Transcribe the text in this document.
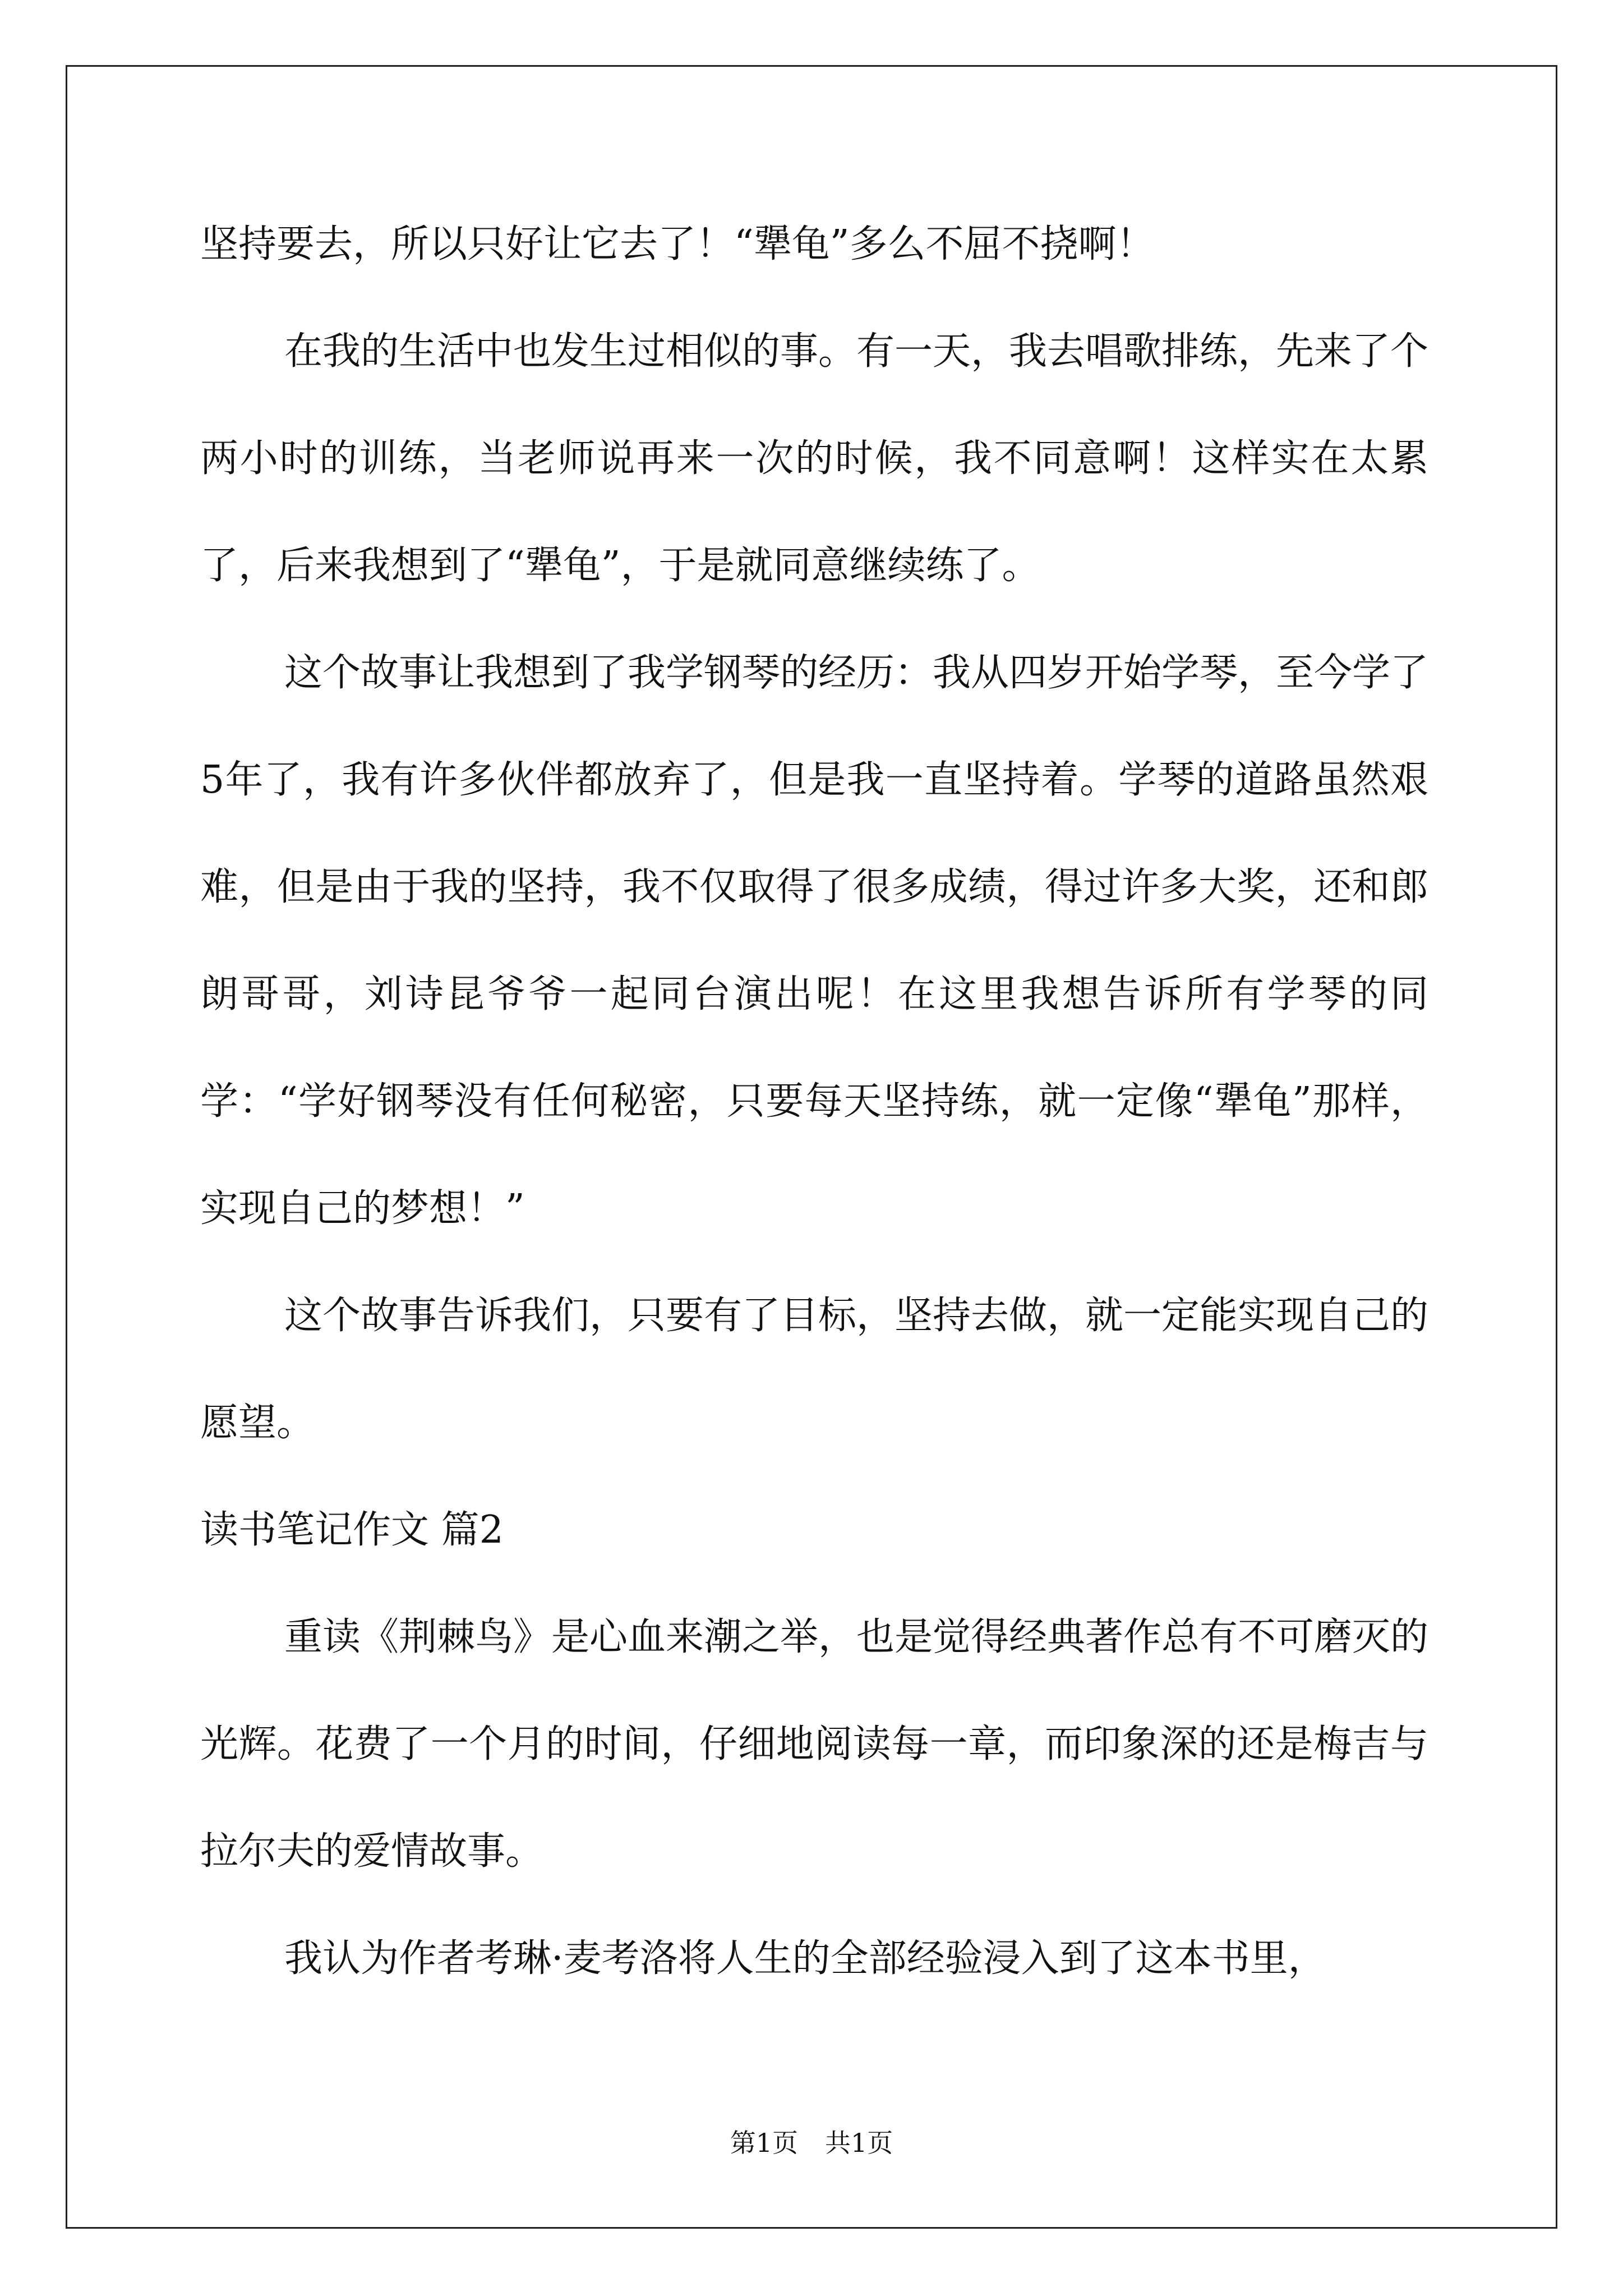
坚持要去，所以只好让它去了！“犟龟”多么不屈不挠啊！

在我的生活中也发生过相似的事。有一天，我去唱歌排练，先来了个两小时的训练，当老师说再来一次的时候，我不同意啊！这样实在太累了，后来我想到了“犟龟”，于是就同意继续练了。

这个故事让我想到了我学钢琴的经历：我从四岁开始学琴，至今学了5年了，我有许多伙伴都放弃了，但是我一直坚持着。学琴的道路虽然艰难，但是由于我的坚持，我不仅取得了很多成绩，得过许多大奖，还和郎朗哥哥，刘诗昆爷爷一起同台演出呢！在这里我想告诉所有学琴的同学：“学好钢琴没有任何秘密，只要每天坚持练，就一定像“犟龟”那样，实现自己的梦想！”

这个故事告诉我们，只要有了目标，坚持去做，就一定能实现自己的愿望。

读书笔记作文 篇2

重读《荆棘鸟》是心血来潮之举，也是觉得经典著作总有不可磨灭的光辉。花费了一个月的时间，仔细地阅读每一章，而印象深的还是梅吉与拉尔夫的爱情故事。

我认为作者考琳·麦考洛将人生的全部经验浸入到了这本书里，

第1页 共1页
